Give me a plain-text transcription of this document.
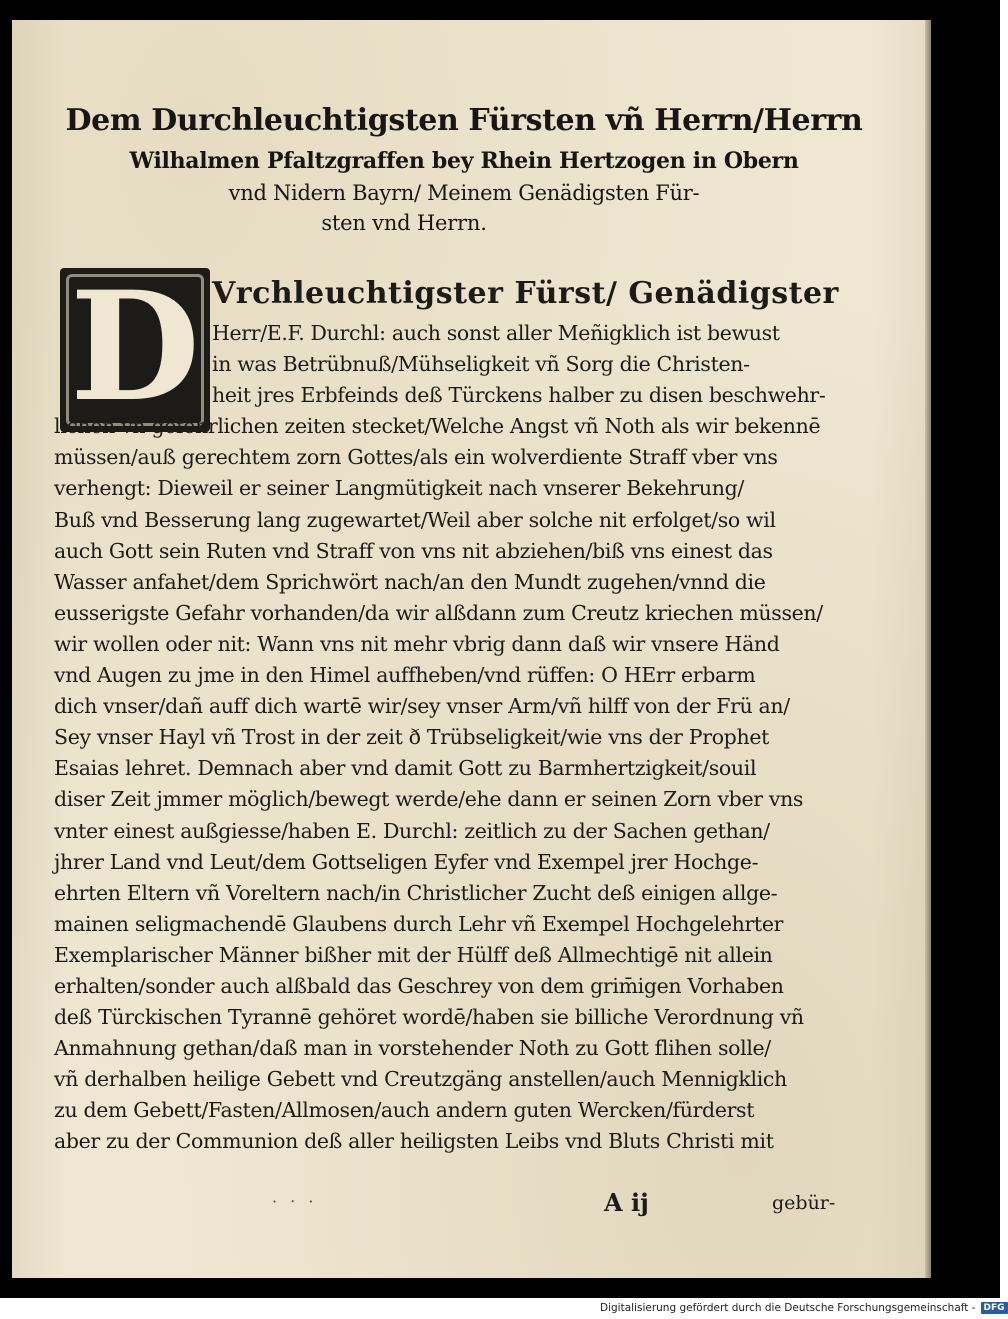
Dem Durchleuchtigsten Fürsten vñ Herrn/Herrn
Wilhalmen Pfaltzgraffen bey Rhein Hertzogen in Obern
vnd Nidern Bayrn/ Meinem Genädigsten Für-
sten vnd Herrn.
D Vrchleuchtigster Fürst/ Genädigster
Herr/E.F. Durchl: auch sonst aller Meñigklich ist bewust
in was Betrübnuß/Mühseligkeit vñ Sorg die Christen-
heit jres Erbfeinds deß Türckens halber zu disen beschwehr-
lichen vñ gefehrlichen zeiten stecket/Welche Angst vñ Noth als wir bekennē
müssen/auß gerechtem zorn Gottes/als ein wolverdiente Straff vber vns
verhengt: Dieweil er seiner Langmütigkeit nach vnserer Bekehrung/
Buß vnd Besserung lang zugewartet/Weil aber solche nit erfolget/so wil
auch Gott sein Ruten vnd Straff von vns nit abziehen/biß vns einest das
Wasser anfahet/dem Sprichwört nach/an den Mundt zugehen/vnnd die
eusserigste Gefahr vorhanden/da wir alßdann zum Creutz kriechen müssen/
wir wollen oder nit: Wann vns nit mehr vbrig dann daß wir vnsere Händ
vnd Augen zu jme in den Himel auffheben/vnd rüffen: O HErr erbarm
dich vnser/dañ auff dich wartē wir/sey vnser Arm/vñ hilff von der Frü an/
Sey vnser Hayl vñ Trost in der zeit ð Trübseligkeit/wie vns der Prophet
Esaias lehret. Demnach aber vnd damit Gott zu Barmhertzigkeit/souil
diser Zeit jmmer möglich/bewegt werde/ehe dann er seinen Zorn vber vns
vnter einest außgiesse/haben E. Durchl: zeitlich zu der Sachen gethan/
jhrer Land vnd Leut/dem Gottseligen Eyfer vnd Exempel jrer Hochge-
ehrten Eltern vñ Voreltern nach/in Christlicher Zucht deß einigen allge-
mainen seligmachendē Glaubens durch Lehr vñ Exempel Hochgelehrter
Exemplarischer Männer bißher mit der Hülff deß Allmechtigē nit allein
erhalten/sonder auch alßbald das Geschrey von dem grim̄igen Vorhaben
deß Türckischen Tyrannē gehöret wordē/haben sie billiche Verordnung vñ
Anmahnung gethan/daß man in vorstehender Noth zu Gott flihen solle/
vñ derhalben heilige Gebett vnd Creutzgäng anstellen/auch Mennigklich
zu dem Gebett/Fasten/Allmosen/auch andern guten Wercken/fürderst
aber zu der Communion deß aller heiligsten Leibs vnd Bluts Christi mit
· ‧ ·	A ij	gebür-
Digitalisierung gefördert durch die Deutsche Forschungsgemeinschaft - DFG
